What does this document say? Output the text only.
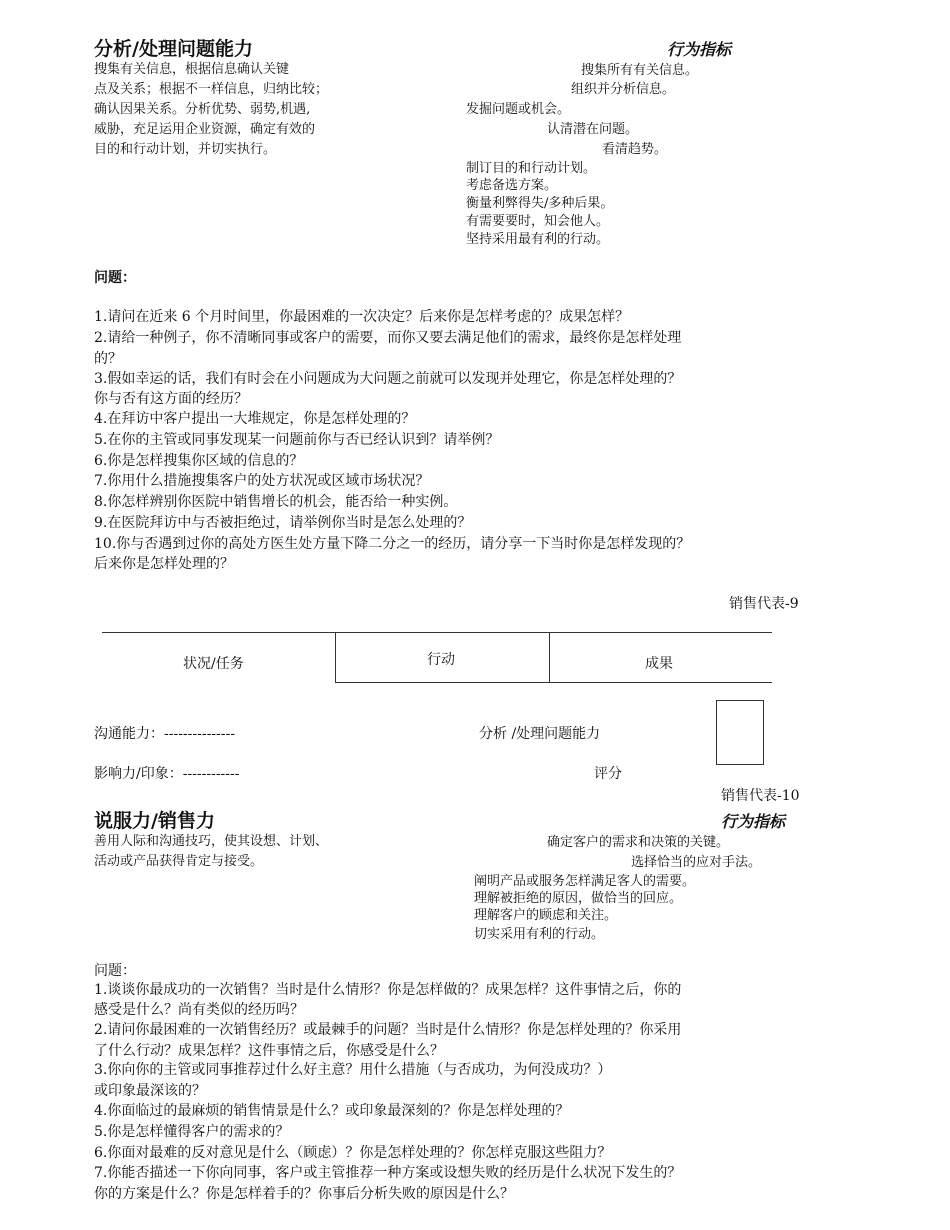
分析/处理问题能力	行为指标
搜集有关信息，根据信息确认关键
点及关系；根据不一样信息，归纳比较；
确认因果关系。分析优势、弱势,机遇,
威胁，充足运用企业资源，确定有效的
目的和行动计划，并切实执行。
搜集所有有关信息。
组织并分析信息。
发掘问题或机会。
认清潜在问题。
看清趋势。
制订目的和行动计划。
考虑备选方案。
衡量利弊得失/多种后果。
有需要要时，知会他人。
坚持采用最有利的行动。
问题：
1.请问在近来 6 个月时间里，你最困难的一次决定？后来你是怎样考虑的？成果怎样？
2.请给一种例子，你不清晰同事或客户的需要，而你又要去满足他们的需求，最终你是怎样处理
的？
3.假如幸运的话，我们有时会在小问题成为大问题之前就可以发现并处理它，你是怎样处理的？
你与否有这方面的经历？
4.在拜访中客户提出一大堆规定，你是怎样处理的？
5.在你的主管或同事发现某一问题前你与否已经认识到？请举例？
6.你是怎样搜集你区域的信息的？
7.你用什么措施搜集客户的处方状况或区域市场状况？
8.你怎样辨别你医院中销售增长的机会，能否给一种实例。
9.在医院拜访中与否被拒绝过，请举例你当时是怎么处理的？
10.你与否遇到过你的高处方医生处方量下降二分之一的经历，请分享一下当时你是怎样发现的？
后来你是怎样处理的？
销售代表-9
状况/任务	行动	成果
沟通能力：---------------	分析 /处理问题能力
影响力/印象：------------	评分
销售代表-10
说服力/销售力	行为指标
善用人际和沟通技巧，使其设想、计划、
活动或产品获得肯定与接受。
确定客户的需求和决策的关键。
选择恰当的应对手法。
阐明产品或服务怎样满足客人的需要。
理解被拒绝的原因，做恰当的回应。
理解客户的顾虑和关注。
切实采用有利的行动。
问题：
1.谈谈你最成功的一次销售？当时是什么情形？你是怎样做的？成果怎样？这件事情之后，你的
感受是什么？尚有类似的经历吗？
2.请问你最困难的一次销售经历？或最棘手的问题？当时是什么情形？你是怎样处理的？你采用
了什么行动？成果怎样？这件事情之后，你感受是什么？
3.你向你的主管或同事推荐过什么好主意？用什么措施（与否成功，为何没成功？）
或印象最深该的？
4.你面临过的最麻烦的销售情景是什么？或印象最深刻的？你是怎样处理的？
5.你是怎样懂得客户的需求的？
6.你面对最难的反对意见是什么（顾虑）？你是怎样处理的？你怎样克服这些阻力？
7.你能否描述一下你向同事，客户或主管推荐一种方案或设想失败的经历是什么状况下发生的？
你的方案是什么？你是怎样着手的？你事后分析失败的原因是什么？
